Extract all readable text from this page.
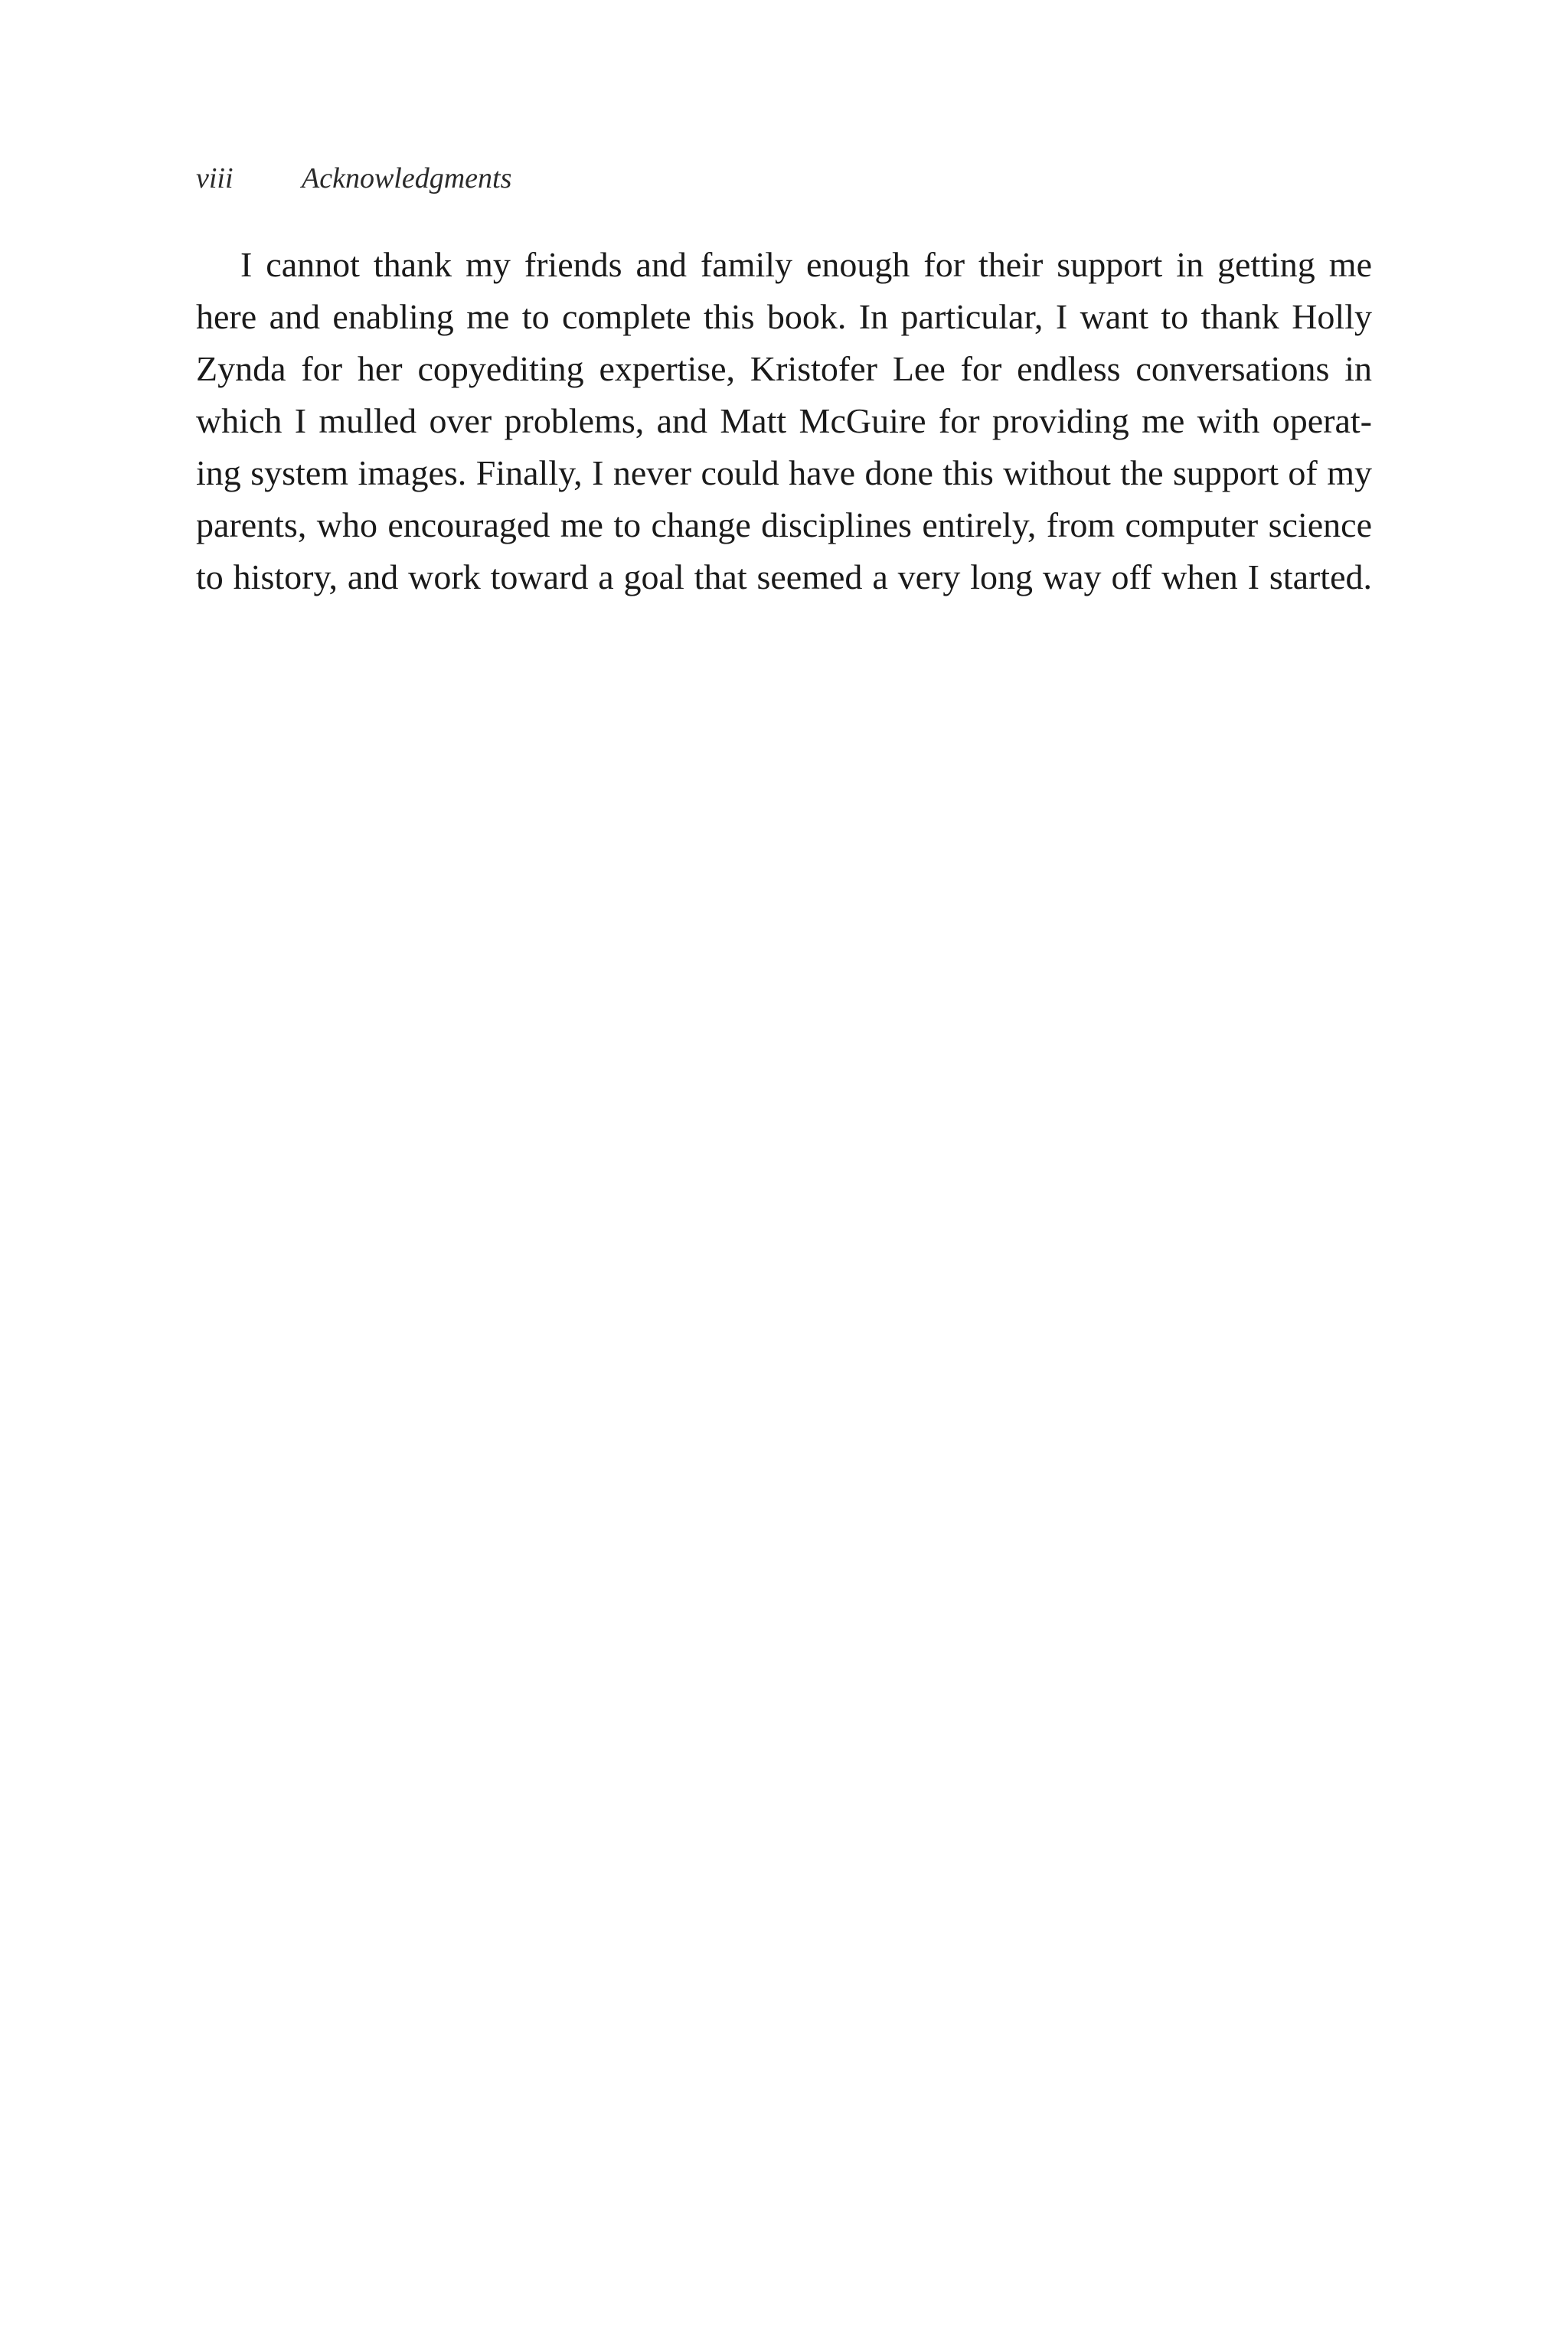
viii Acknowledgments
I cannot thank my friends and family enough for their support in getting me
here and enabling me to complete this book. In particular, I want to thank Holly
Zynda for her copyediting expertise, Kristofer Lee for endless conversations in
which I mulled over problems, and Matt McGuire for providing me with operat-
ing system images. Finally, I never could have done this without the support of my
parents, who encouraged me to change disciplines entirely, from computer science
to history, and work toward a goal that seemed a very long way off when I started.
